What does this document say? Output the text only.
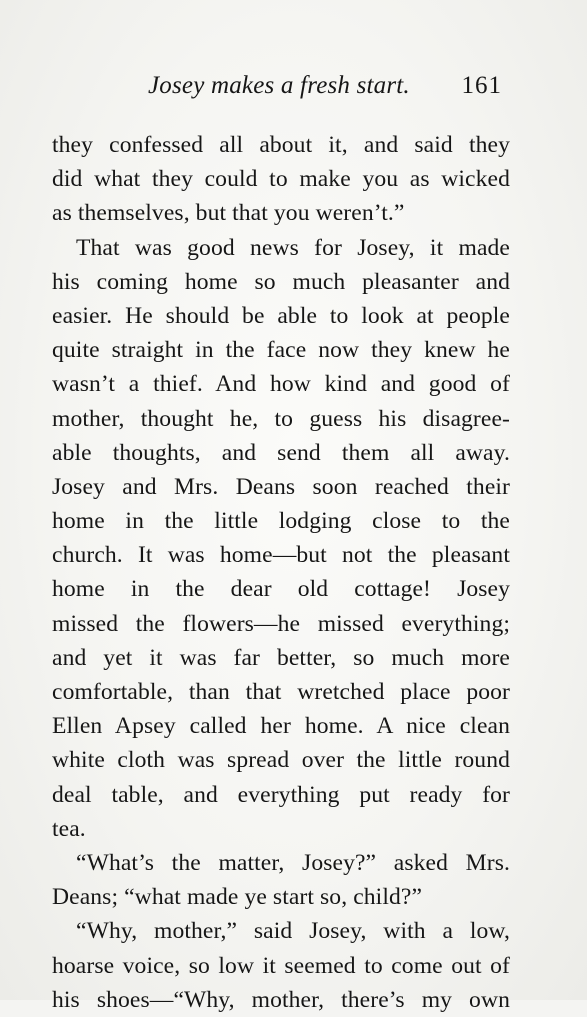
Josey makes a fresh start. 161
they confessed all about it, and said they
did what they could to make you as wicked
as themselves, but that you weren’t.”
That was good news for Josey, it made
his coming home so much pleasanter and
easier. He should be able to look at people
quite straight in the face now they knew he
wasn’t a thief. And how kind and good of
mother, thought he, to guess his disagree-
able thoughts, and send them all away.
Josey and Mrs. Deans soon reached their
home in the little lodging close to the
church. It was home—but not the pleasant
home in the dear old cottage! Josey
missed the flowers—he missed everything;
and yet it was far better, so much more
comfortable, than that wretched place poor
Ellen Apsey called her home. A nice clean
white cloth was spread over the little round
deal table, and everything put ready for
tea.
“What’s the matter, Josey?” asked Mrs.
Deans; “what made ye start so, child?”
“Why, mother,” said Josey, with a low,
hoarse voice, so low it seemed to come out of
his shoes—“Why, mother, there’s my own
